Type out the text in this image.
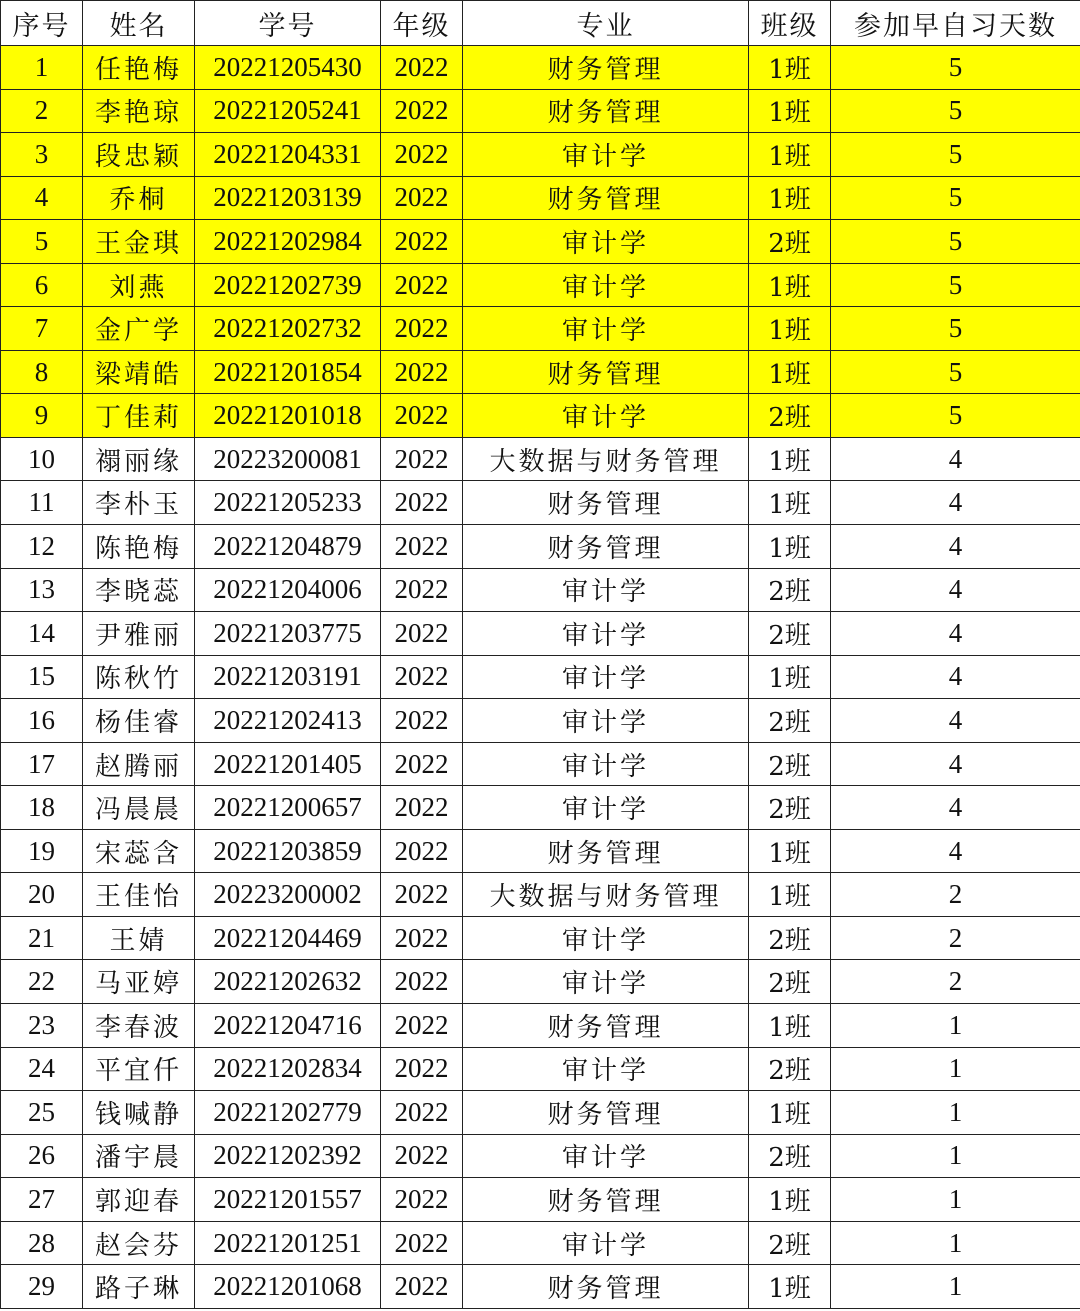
序号	姓名	学号	年级	专业	班级	参加早自习天数
1	任艳梅	20221205430	2022	财务管理	1班	5
2	李艳琼	20221205241	2022	财务管理	1班	5
3	段忠颖	20221204331	2022	审计学	1班	5
4	乔桐	20221203139	2022	财务管理	1班	5
5	王金琪	20221202984	2022	审计学	2班	5
6	刘燕	20221202739	2022	审计学	1班	5
7	金广学	20221202732	2022	审计学	1班	5
8	梁靖皓	20221201854	2022	财务管理	1班	5
9	丁佳莉	20221201018	2022	审计学	2班	5
10	禤丽缘	20223200081	2022	大数据与财务管理	1班	4
11	李朴玉	20221205233	2022	财务管理	1班	4
12	陈艳梅	20221204879	2022	财务管理	1班	4
13	李晓蕊	20221204006	2022	审计学	2班	4
14	尹雅丽	20221203775	2022	审计学	2班	4
15	陈秋竹	20221203191	2022	审计学	1班	4
16	杨佳睿	20221202413	2022	审计学	2班	4
17	赵腾丽	20221201405	2022	审计学	2班	4
18	冯晨晨	20221200657	2022	审计学	2班	4
19	宋蕊含	20221203859	2022	财务管理	1班	4
20	王佳怡	20223200002	2022	大数据与财务管理	1班	2
21	王婧	20221204469	2022	审计学	2班	2
22	马亚婷	20221202632	2022	审计学	2班	2
23	李春波	20221204716	2022	财务管理	1班	1
24	平宜仟	20221202834	2022	审计学	2班	1
25	钱喊静	20221202779	2022	财务管理	1班	1
26	潘宇晨	20221202392	2022	审计学	2班	1
27	郭迎春	20221201557	2022	财务管理	1班	1
28	赵会芬	20221201251	2022	审计学	2班	1
29	路子琳	20221201068	2022	财务管理	1班	1
